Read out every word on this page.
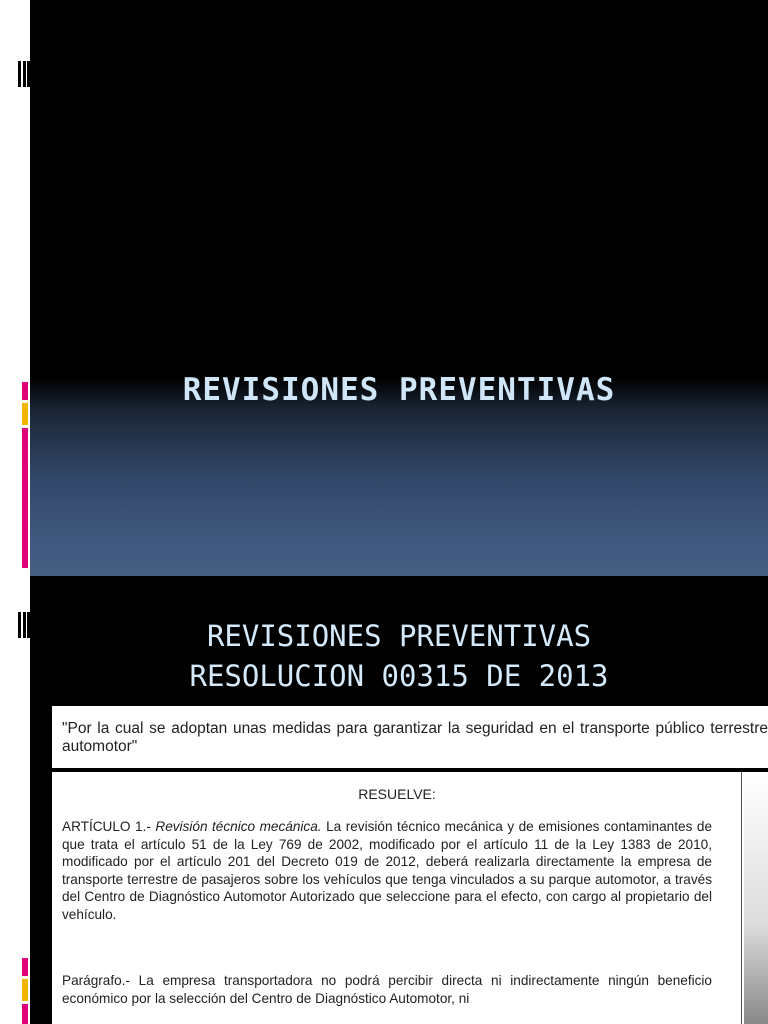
REVISIONES PREVENTIVAS
REVISIONES PREVENTIVAS
RESOLUCION 00315 DE 2013
"Por la cual se adoptan unas medidas para garantizar la seguridad en el transporte público terrestre automotor"
RESUELVE:
ARTÍCULO 1.- Revisión técnico mecánica. La revisión técnico mecánica y de emisiones contaminantes de que trata el artículo 51 de la Ley 769 de 2002, modificado por el artículo 11 de la Ley 1383 de 2010, modificado por el artículo 201 del Decreto 019 de 2012, deberá realizarla directamente la empresa de transporte terrestre de pasajeros sobre los vehículos que tenga vinculados a su parque automotor, a través del Centro de Diagnóstico Automotor Autorizado que seleccione para el efecto, con cargo al propietario del vehículo.
Parágrafo.- La empresa transportadora no podrá percibir directa ni indirectamente ningún beneficio económico por la selección del Centro de Diagnóstico Automotor, ni
